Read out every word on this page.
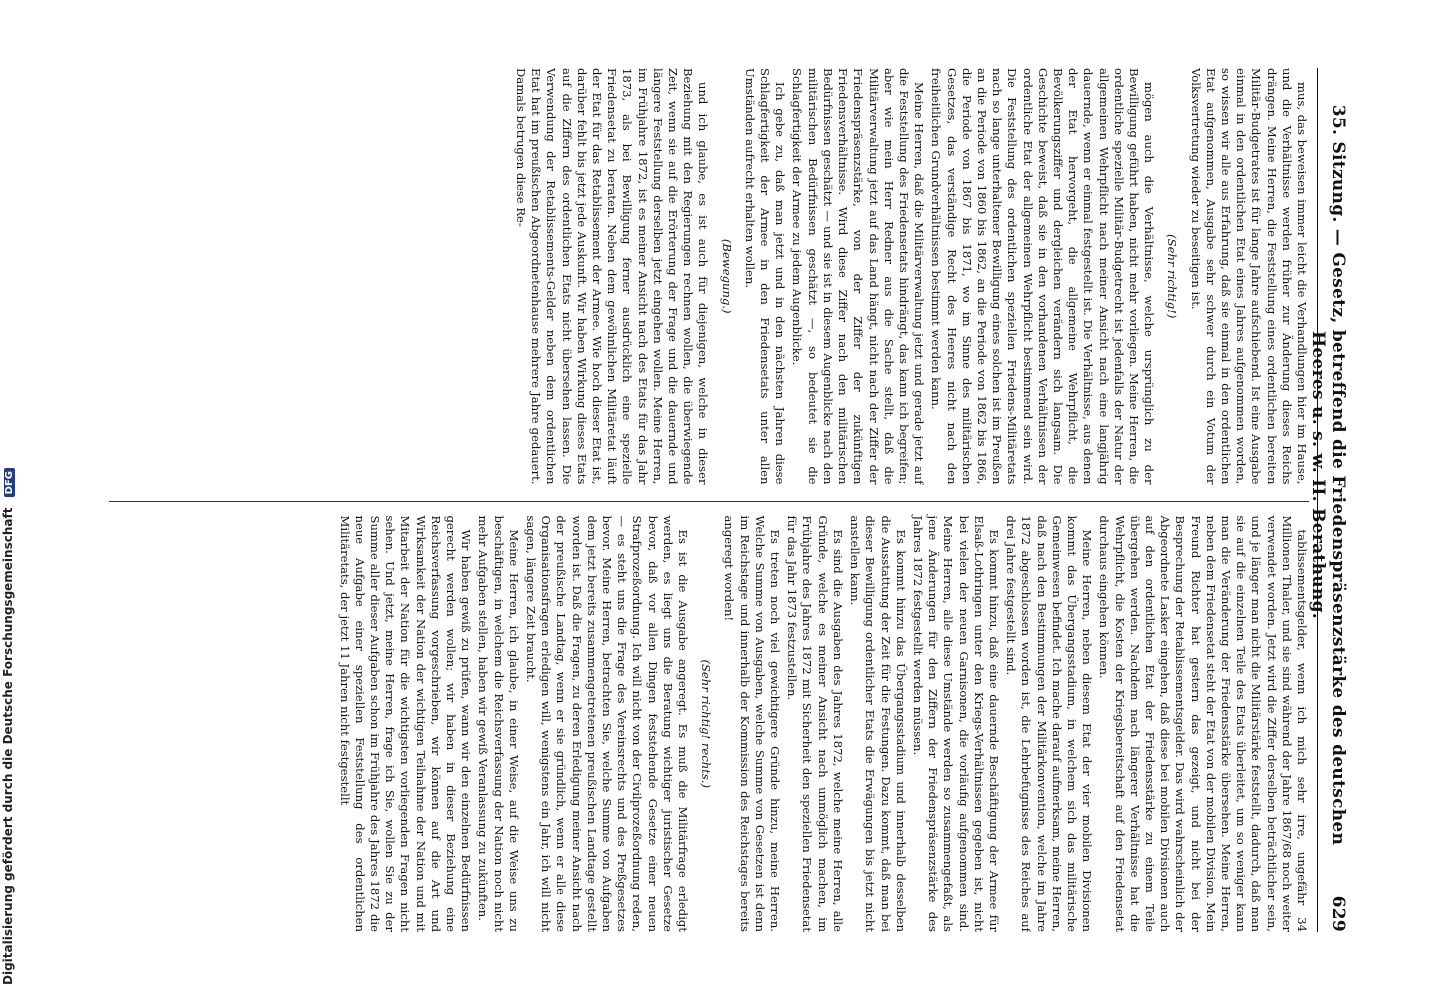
35. Sitzung. — Gesetz, betreffend die Friedenspräsenzstärke des deutschen Heeres u. s. w. II. Berathung.
629

mus, das beweisen immer leicht die Verhandlungen hier im Hause, und die Verhältnisse werden früher zur Änderung dieses Reichs drängen. Meine Herren, die Feststellung eines ordentlichen bereiten Militär-Budgetrates ist für lange Jahre aufschiebend. Ist eine Ausgabe einmal in den ordentlichen Etat eines Jahres aufgenommen worden, so wissen wir alle aus Erfahrung, daß sie einmal in den ordentlichen Etat aufgenommen, Ausgabe sehr schwer durch ein Votum der Volksvertretung wieder zu beseitigen ist.

(Sehr richtig!)

mögen auch die Verhältnisse, welche ursprünglich zu der Bewilligung geführt haben, nicht mehr vorliegen. Meine Herren, die ordentliche spezielle Militär-Budgetrecht ist jedenfalls der Natur der allgemeinen Wehrpflicht nach meiner Ansicht nach eine langjährig dauernde, wenn er einmal festgestellt ist. Die Verhältnisse, aus denen der Etat hervorgeht, die allgemeine Wehrpflicht, die Bevölkerungsziffer und dergleichen verändern sich langsam. Die Geschichte beweist, daß sie in den vorhandenen Verhältnissen der ordentliche Etat der allgemeinen Wehrpflicht bestimmend sein wird. Die Feststellung des ordentlichen speziellen Friedens-Militäretats nach so lange unterhaltener Bewilligung eines solchen ist im Preußen an die Periode von 1860 bis 1862, an die Periode von 1862 bis 1866, die Periode von 1867 bis 1871, wo im Sinne des militärischen Gesetzes, das verständige Recht des Heeres nicht nach den freiheitlichen Grundverhältnissen bestimmt werden kann.

Meine Herren, daß die Militärverwaltung jetzt und gerade jetzt auf die Feststellung des Friedensetats hindrängt, das kann ich begreifen; aber wie mein Herr Redner aus die Sache stellt, daß die Militärverwaltung jetzt auf das Land hängt, nicht nach der Ziffer der Friedenspräsenzstärke, von der Ziffer der zukünftigen Friedensverhältnisse. Wird diese Ziffer nach den militärischen Bedürfnissen geschätzt — und sie ist in diesem Augenblicke nach den militärischen Bedürfnissen geschätzt —, so bedeutet sie die Schlagfertigkeit der Armee zu jedem Augenblicke.

Ich gebe zu, daß man jetzt und in den nächsten Jahren diese Schlagfertigkeit der Armee in den Friedensetats unter allen Umständen aufrecht erhalten wollen.

(Bewegung.)

und ich glaube, es ist auch für diejenigen, welche in dieser Beziehung mit den Regierungen rechnen wollen, die überwiegende Zeit, wenn sie auf die Erörterung der Frage und die dauernde und längere Feststellung derselben jetzt eingehen wollen. Meine Herren, im Frühjahre 1872, ist es meiner Ansicht nach des Etats für das Jahr 1873, als bei Bewilligung ferner ausdrücklich eine spezielle Friedensetat zu beraten. Neben dem gewöhnlichen Militäretat läuft der Etat für das Retablissement der Armee. Wie hoch dieser Etat ist, darüber fehlt bis jetzt jede Auskunft. Wir haben Wirkung dieses Etats auf die Ziffern des ordentlichen Etats nicht übersehen lassen. Die Verwendung der Retablissements-Gelder neben dem ordentlichen Etat hat im preußischen Abgeordnetenhause mehrere Jahre gedauert. Damals betrugen diese Re-

tablissementsgelder, wenn ich mich sehr irre, ungefähr 34 Millionen Thaler, und sie sind während der Jahre 1867/68 noch weiter verwendet worden. Jetzt wird die Ziffer derselben beträchtlicher sein, und je länger man nicht die Militärstärke feststellt, dadurch, daß man sie auf die einzelnen Teile des Etats überleitet, um so weniger kann man die Veränderung der Friedensstärke übersehen. Meine Herren, neben dem Friedensetat steht der Etat von der mobilen Division. Mein Freund Richter hat gestern das gezeigt, und nicht bei der Besprechung der Retablissementsgelder. Das wird wahrscheinlich der Abgeordnete Lasker eingehen, daß diese bei mobilen Divisionen auch auf den ordentlichen Etat der Friedensstärke zu einem Teile übergehen werden. Nachdem nach längerer Verhältnisse hat die Wehrpflicht, die Kosten der Kriegsbereitschaft auf den Friedensetat durchaus eingehen können.

Meine Herren, neben diesem Etat der vier mobilen Divisionen kommt das Übergangsstadium, in welchem sich das militärische Gemeinwesen befindet. Ich mache darauf aufmerksam, meine Herren, daß nach den Bestimmungen der Militärkonvention, welche im Jahre 1872 abgeschlossen worden ist, die Lehrbefugnisse des Reiches auf drei Jahre festgestellt sind.

Es kommt hinzu, daß eine dauernde Beschäftigung der Armee für Elsaß-Lothringen unter den Kriegs-Verhältnissen gegeben ist, nicht bei vielen der neuen Garnisonen, die vorläufig aufgenommen sind. Meine Herren, alle diese Umstände werden so zusammengefaßt, als jene Änderungen für den Ziffern der Friedenspräsenzstärke des Jahres 1872 festgestellt werden müssen.

Es kommt hinzu das Übergangsstadium und innerhalb desselben die Ausstattung der Zeit für die Festungen. Dazu kommt, daß man bei dieser Bewilligung ordentlicher Etats die Erwägungen bis jetzt nicht anstellen kann.

Es sind die Ausgaben des Jahres 1872, welche meine Herren, alle Gründe, welche es meiner Ansicht nach unmöglich machen, im Frühjahre des Jahres 1872 mit Sicherheit den speziellen Friedensetat für das Jahr 1873 festzustellen.

Es treten noch viel gewichtigere Gründe hinzu, meine Herren. Welche Summe von Ausgaben, welche Summe von Gesetzen ist denn im Reichstage und innerhalb der Kommission des Reichstages bereits angeregt worden!

(Sehr richtig! rechts.)

Es ist die Ausgabe angeregt. Es muß die Militärfrage erledigt werden, es liegt uns die Beratung wichtiger juristischer Gesetze bevor, daß vor allen Dingen feststehende Gesetze einer neuen Strafprozeßordnung. Ich will nicht von der Civilprozeßordnung reden, — es steht uns die Frage des Vereinsrechts und des Preßgesetzes bevor. Meine Herren, betrachten Sie, welche Summe von Aufgaben dem jetzt bereits zusammengetretenen preußischen Landtage gestellt worden ist. Daß die Fragen, zu deren Erledigung meiner Ansicht nach der preußische Landtag, wenn er sie gründlich, wenn er alle diese Organisationsfragen erledigen will, wenigstens ein Jahr, ich will nicht sagen, längere Zeit braucht.

Meine Herren, ich glaube, in einer Weise, auf die Weise uns zu beschäftigen, in welchem die Reichsverfassung der Nation noch nicht mehr Aufgaben stellen, haben wir gewiß Veranlassung zu zukünften.

Wir haben gewiß zu prüfen, wann wir den einzelnen Bedürfnissen gerecht werden wollen; wir haben in dieser Beziehung eine Reichsverfassung vorgeschrieben, wir können auf die Art und Wirksamkeit der Nation der wichtigen Teilnahme der Nation und mit Mitarbeit der Nation für die wichtigsten vorliegenden Fragen nicht sehen. Und jetzt, meine Herren, frage ich Sie, wollen Sie zu der Summe aller dieser Aufgaben schon im Frühjahre des Jahres 1872 die neue Aufgabe einer speziellen Feststellung des ordentlichen Militäretats, der jetzt 11 Jahren nicht festgestellt

Digitalisierung gefördert durch die Deutsche Forschungsgemeinschaft DFG
